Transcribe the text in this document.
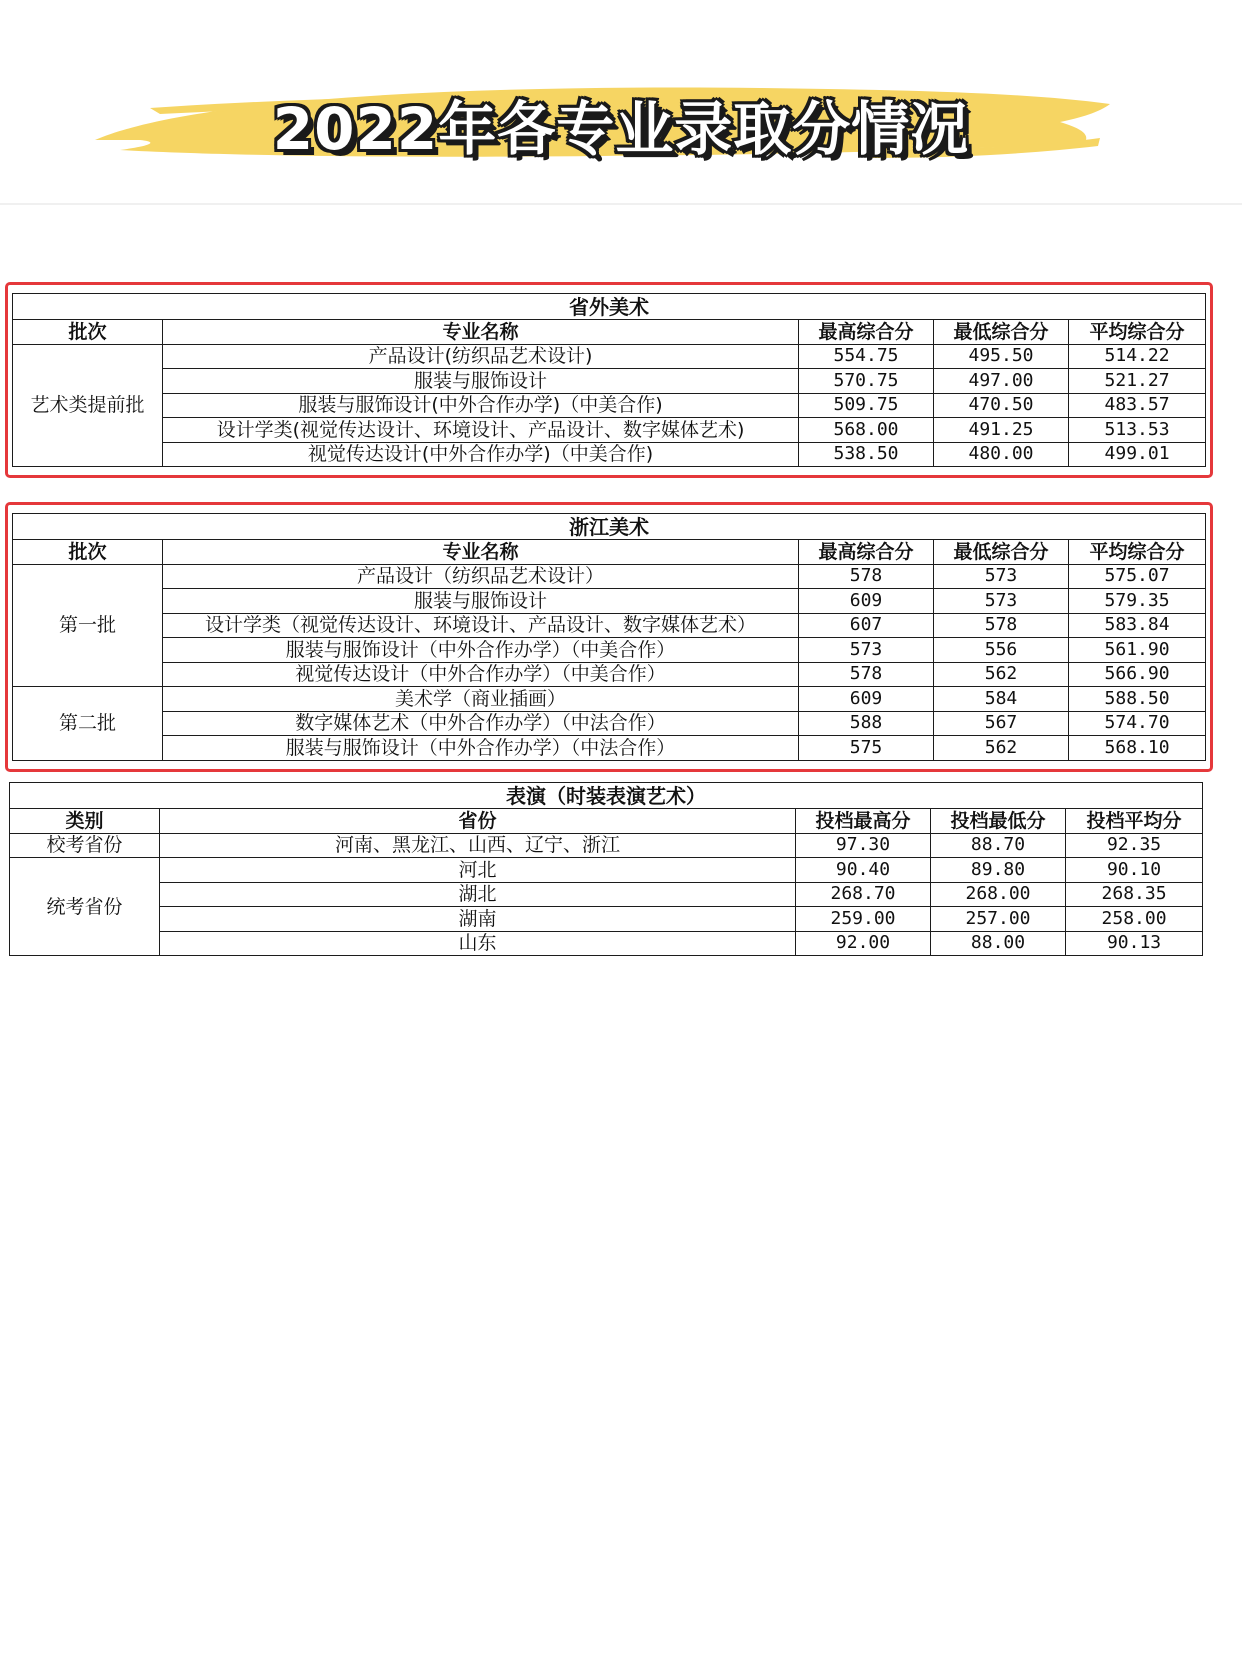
2022年各专业录取分情况
省外美术				
批次	专业名称	最高综合分	最低综合分	平均综合分
艺术类提前批	产品设计(纺织品艺术设计)	554.75	495.50	514.22
	服装与服饰设计	570.75	497.00	521.27
	服装与服饰设计(中外合作办学)（中美合作)	509.75	470.50	483.57
	设计学类(视觉传达设计、环境设计、产品设计、数字媒体艺术)	568.00	491.25	513.53
	视觉传达设计(中外合作办学)（中美合作)	538.50	480.00	499.01
浙江美术				
批次	专业名称	最高综合分	最低综合分	平均综合分
第一批	产品设计（纺织品艺术设计）	578	573	575.07
	服装与服饰设计	609	573	579.35
	设计学类（视觉传达设计、环境设计、产品设计、数字媒体艺术）	607	578	583.84
	服装与服饰设计（中外合作办学）（中美合作）	573	556	561.90
	视觉传达设计（中外合作办学）（中美合作）	578	562	566.90
第二批	美术学（商业插画）	609	584	588.50
	数字媒体艺术（中外合作办学）（中法合作）	588	567	574.70
	服装与服饰设计（中外合作办学）（中法合作）	575	562	568.10
表演（时装表演艺术）				
类别	省份	投档最高分	投档最低分	投档平均分
校考省份	河南、黑龙江、山西、辽宁、浙江	97.30	88.70	92.35
统考省份	河北	90.40	89.80	90.10
	湖北	268.70	268.00	268.35
	湖南	259.00	257.00	258.00
	山东	92.00	88.00	90.13
